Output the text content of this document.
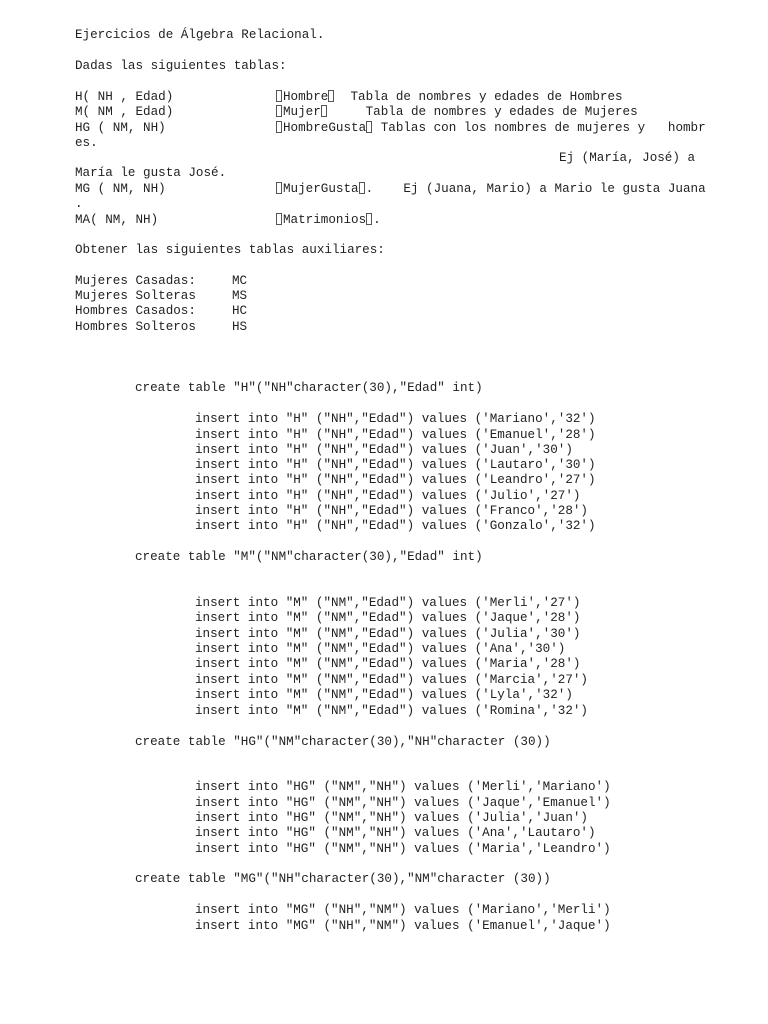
Ejercicios de Álgebra Relacional.
Dadas las siguientes tablas:
H( NH , Edad)	Hombre Tabla de nombres y edades de Hombres
M( NM , Edad)	Mujer	Tabla de nombres y edades de Mujeres
HG ( NM, NH)	HombreGusta Tablas con los nombres de mujeres y   hombr
es.
Ej (María, José) a
María le gusta José.
MG ( NM, NH)	MujerGusta .    Ej (Juana, Mario) a Mario le gusta Juana
.
MA( NM, NH)	Matrimonios .
Obtener las siguientes tablas auxiliares:
Mujeres Casadas:	MC
Mujeres Solteras	MS
Hombres Casados:	HC
Hombres Solteros	HS
create table "H"("NH"character(30),"Edad" int)
insert into "H" ("NH","Edad") values ('Mariano','32')
insert into "H" ("NH","Edad") values ('Emanuel','28')
insert into "H" ("NH","Edad") values ('Juan','30')
insert into "H" ("NH","Edad") values ('Lautaro','30')
insert into "H" ("NH","Edad") values ('Leandro','27')
insert into "H" ("NH","Edad") values ('Julio','27')
insert into "H" ("NH","Edad") values ('Franco','28')
insert into "H" ("NH","Edad") values ('Gonzalo','32')
create table "M"("NM"character(30),"Edad" int)
insert into "M" ("NM","Edad") values ('Merli','27')
insert into "M" ("NM","Edad") values ('Jaque','28')
insert into "M" ("NM","Edad") values ('Julia','30')
insert into "M" ("NM","Edad") values ('Ana','30')
insert into "M" ("NM","Edad") values ('Maria','28')
insert into "M" ("NM","Edad") values ('Marcia','27')
insert into "M" ("NM","Edad") values ('Lyla','32')
insert into "M" ("NM","Edad") values ('Romina','32')
create table "HG"("NM"character(30),"NH"character (30))
insert into "HG" ("NM","NH") values ('Merli','Mariano')
insert into "HG" ("NM","NH") values ('Jaque','Emanuel')
insert into "HG" ("NM","NH") values ('Julia','Juan')
insert into "HG" ("NM","NH") values ('Ana','Lautaro')
insert into "HG" ("NM","NH") values ('Maria','Leandro')
create table "MG"("NH"character(30),"NM"character (30))
insert into "MG" ("NH","NM") values ('Mariano','Merli')
insert into "MG" ("NH","NM") values ('Emanuel','Jaque')
